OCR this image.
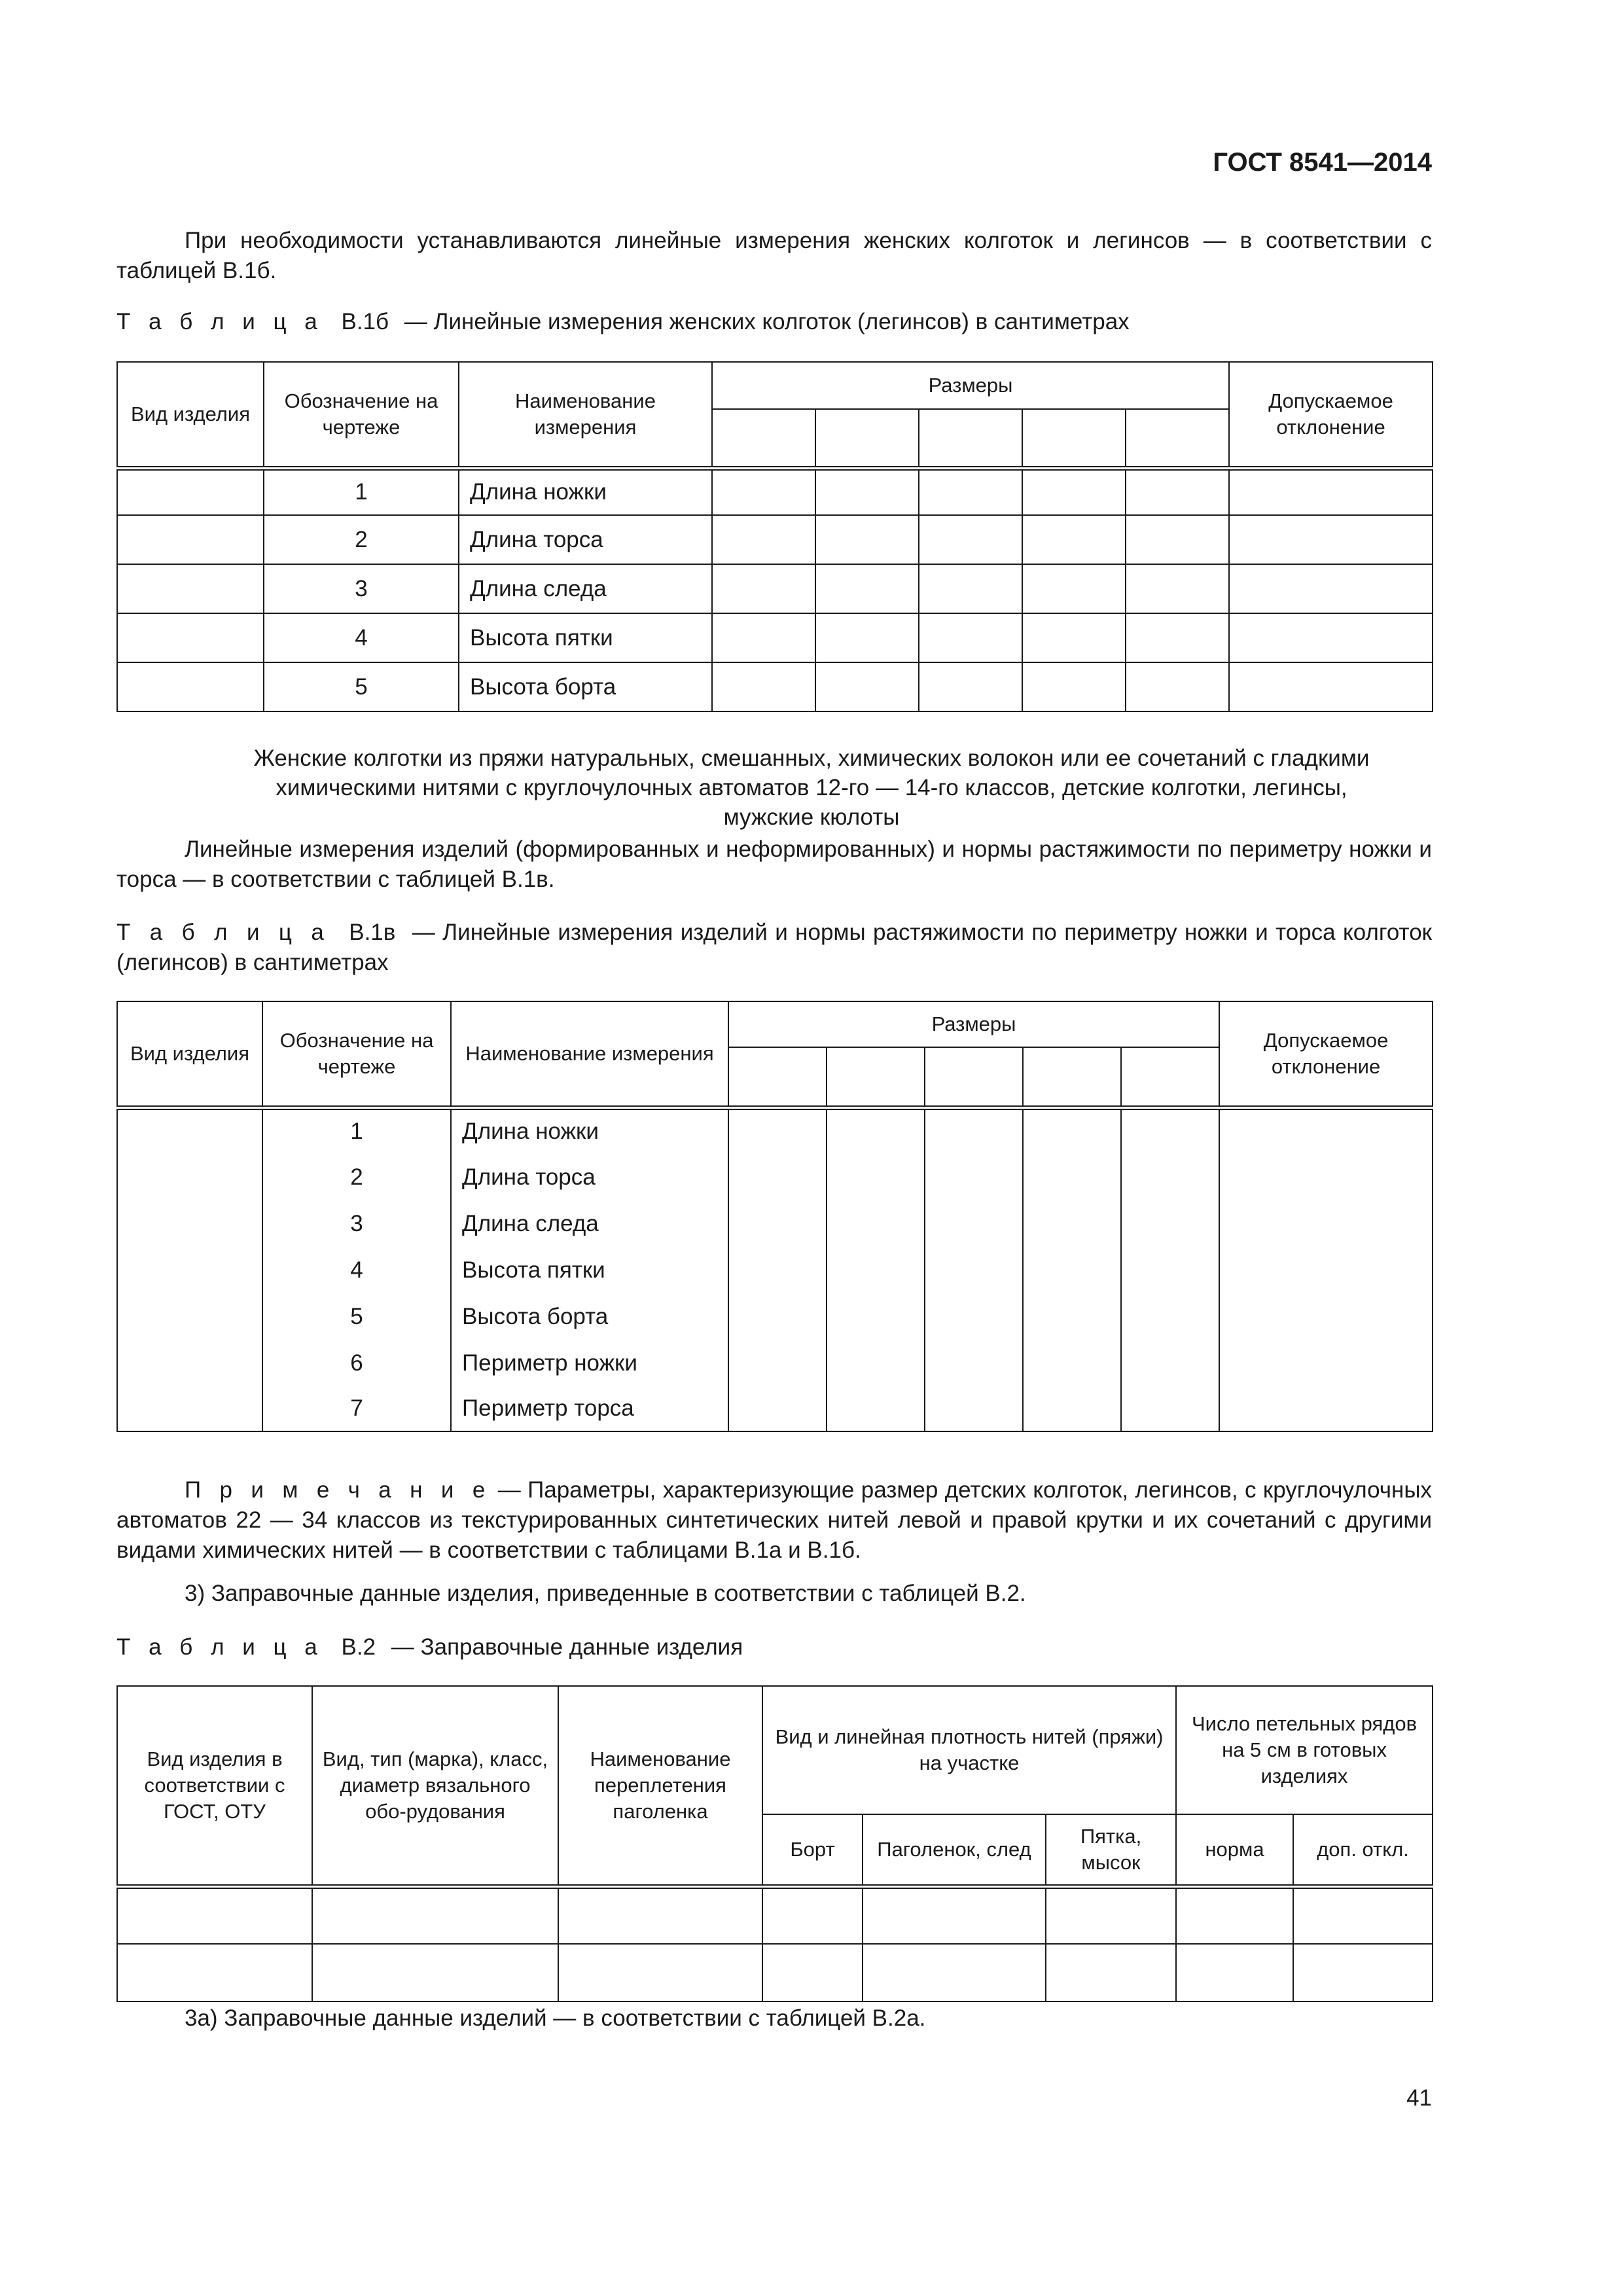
ГОСТ 8541—2014
При необходимости устанавливаются линейные измерения женских колготок и легинсов — в соответствии с таблицей В.1б.
Т а б л и ц а В.1б — Линейные измерения женских колготок (легинсов) в сантиметрах
Вид изделия	Обозначение на чертеже	Наименование измерения	Размеры					Допускаемое отклонение

	1	Длина ножки						
	2	Длина торса						
	3	Длина следа						
	4	Высота пятки						
	5	Высота борта						
Женские колготки из пряжи натуральных, смешанных, химических волокон или ее сочетаний с гладкими
химическими нитями с круглочулочных автоматов 12-го — 14-го классов, детские колготки, легинсы,
мужские кюлоты
Линейные измерения изделий (формированных и неформированных) и нормы растяжимости по периметру ножки и торса — в соответствии с таблицей В.1в.
Т а б л и ц а В.1в — Линейные измерения изделий и нормы растяжимости по периметру ножки и торса колготок (легинсов) в сантиметрах
Вид изделия	Обозначение на чертеже	Наименование измерения	Размеры					Допускаемое отклонение

	1	Длина ножки						
	2	Длина торса						
	3	Длина следа						
	4	Высота пятки						
	5	Высота борта						
	6	Периметр ножки						
	7	Периметр торса						
П р и м е ч а н и е — Параметры, характеризующие размер детских колготок, легинсов, с круглочулочных автоматов 22 — 34 классов из текстурированных синтетических нитей левой и правой крутки и их сочетаний с другими видами химических нитей — в соответствии с таблицами В.1а и В.1б.
3) Заправочные данные изделия, приведенные в соответствии с таблицей В.2.
Т а б л и ц а В.2 — Заправочные данные изделия
Вид изделия в соответствии с ГОСТ, ОТУ	Вид, тип (марка), класс, диаметр вязального обо-рудования	Наименование переплетения паголенка	Вид и линейная плотность нитей (пряжи) на участке			Число петельных рядов на 5 см в готовых изделиях	
			Борт	Паголенок, след	Пятка, мысок	норма	доп. откл.

3а) Заправочные данные изделий — в соответствии с таблицей В.2а.
41
